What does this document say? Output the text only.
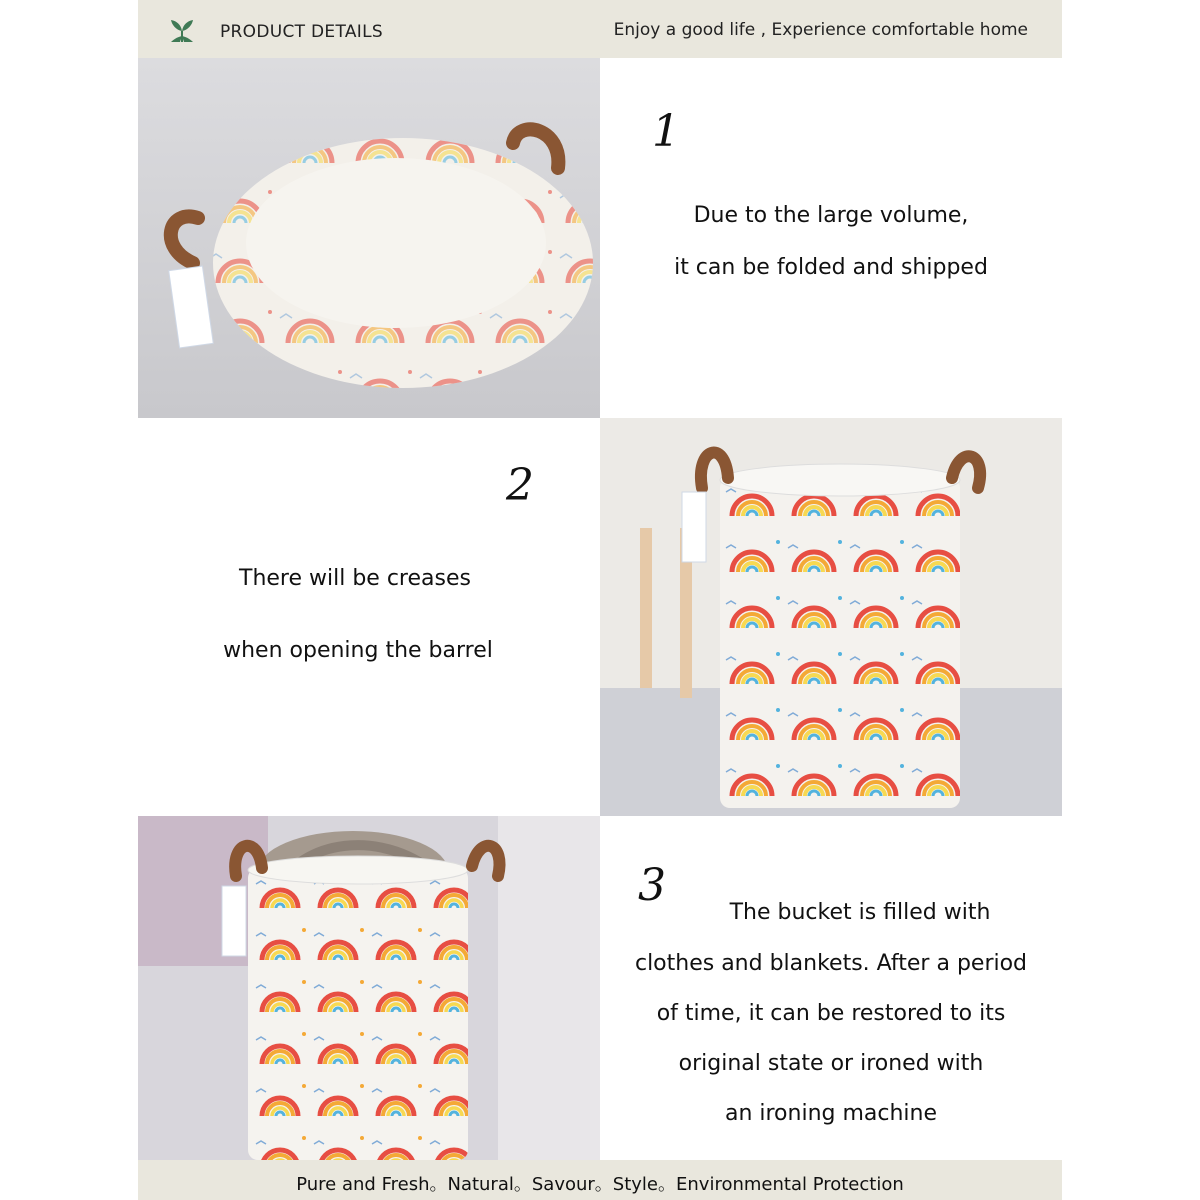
PRODUCT DETAILS	Enjoy a good life , Experience comfortable home
1
Due to the large volume,
it can be folded and shipped
2
There will be creases
when opening the barrel
3
The bucket is filled with
clothes and blankets. After a period
of time, it can be restored to its
original state or ironed with
an ironing machine
Pure and Fresh。Natural。Savour。Style。Environmental Protection
